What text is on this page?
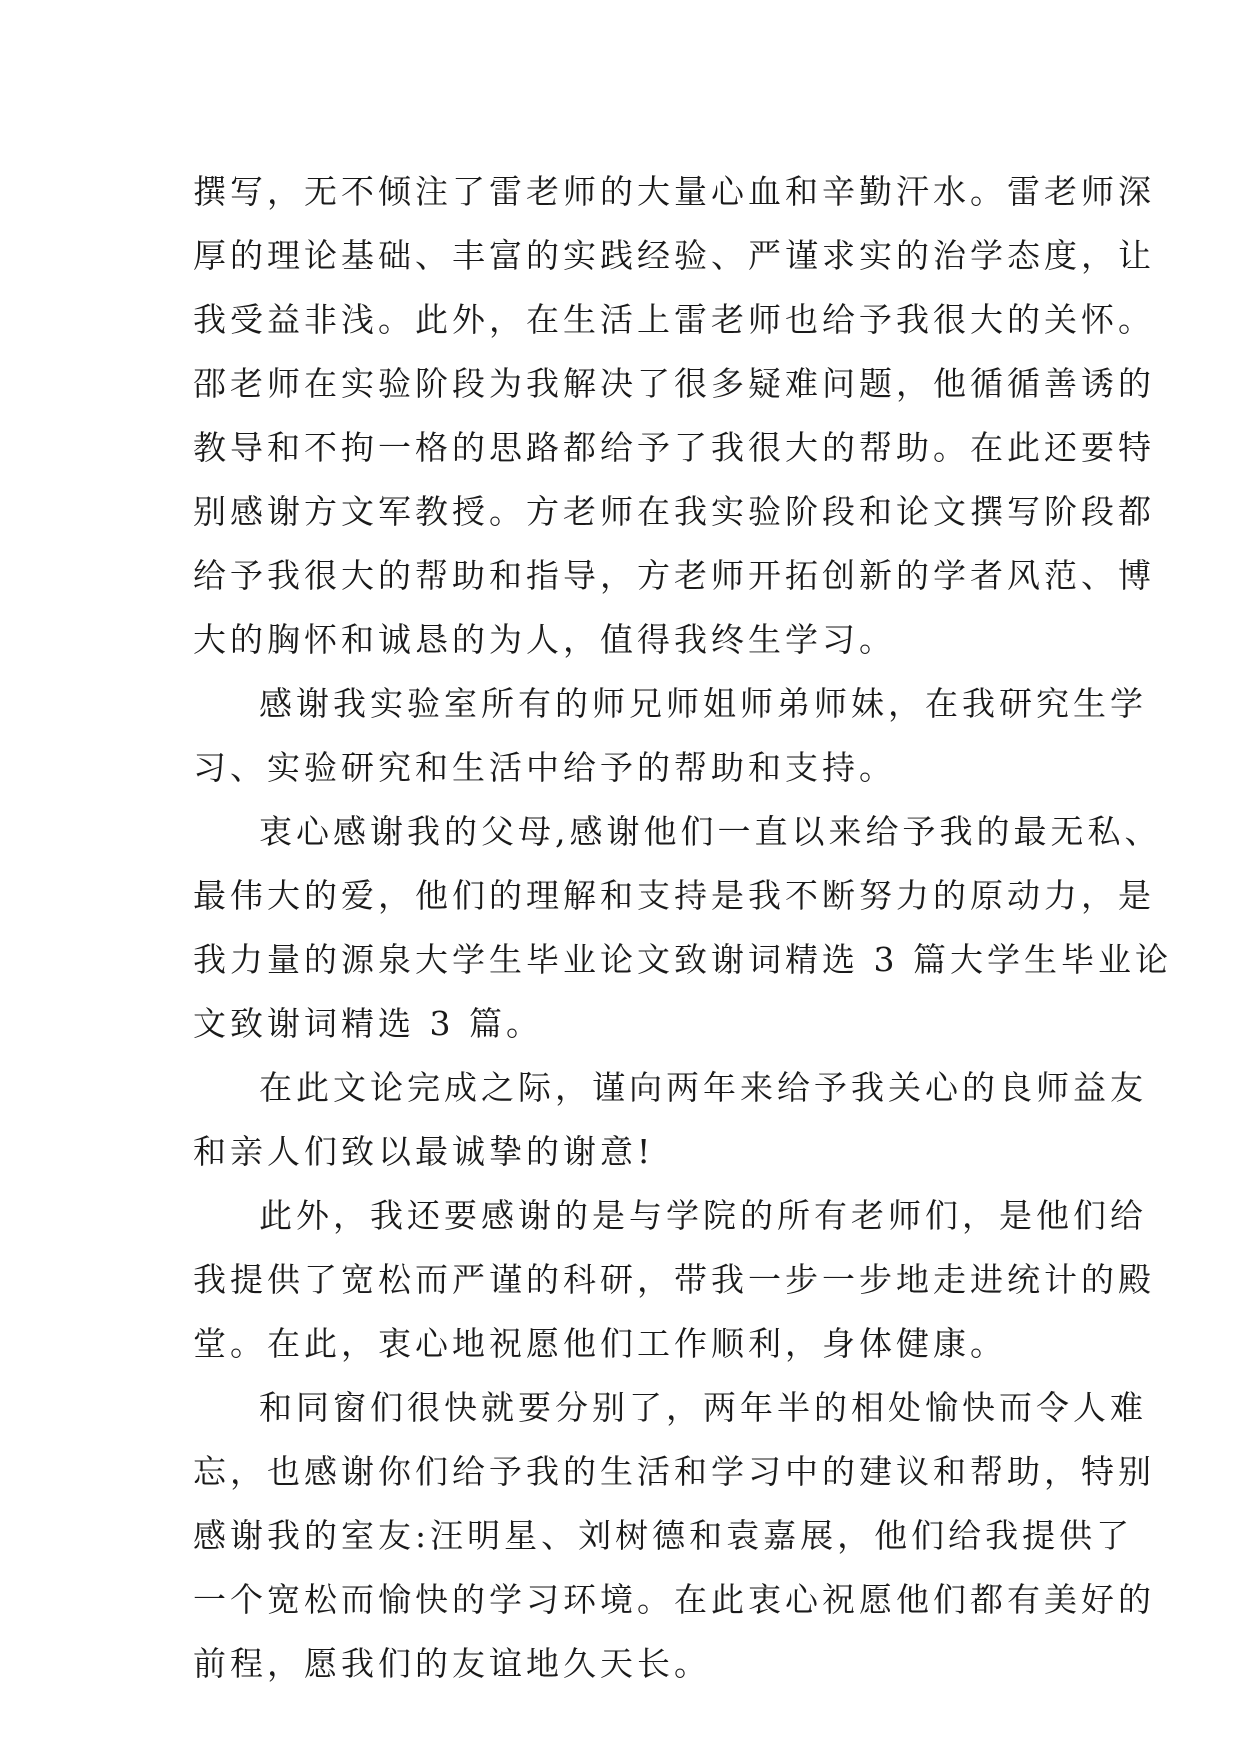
撰写，无不倾注了雷老师的大量心血和辛勤汗水。雷老师深
厚的理论基础、丰富的实践经验、严谨求实的治学态度，让
我受益非浅。此外，在生活上雷老师也给予我很大的关怀。
邵老师在实验阶段为我解决了很多疑难问题，他循循善诱的
教导和不拘一格的思路都给予了我很大的帮助。在此还要特
别感谢方文军教授。方老师在我实验阶段和论文撰写阶段都
给予我很大的帮助和指导，方老师开拓创新的学者风范、博
大的胸怀和诚恳的为人，值得我终生学习。
感谢我实验室所有的师兄师姐师弟师妹，在我研究生学
习、实验研究和生活中给予的帮助和支持。
衷心感谢我的父母,感谢他们一直以来给予我的最无私、
最伟大的爱，他们的理解和支持是我不断努力的原动力，是
我力量的源泉大学生毕业论文致谢词精选 3 篇大学生毕业论
文致谢词精选 3 篇。
在此文论完成之际，谨向两年来给予我关心的良师益友
和亲人们致以最诚挚的谢意!
此外，我还要感谢的是与学院的所有老师们，是他们给
我提供了宽松而严谨的科研，带我一步一步地走进统计的殿
堂。在此，衷心地祝愿他们工作顺利，身体健康。
和同窗们很快就要分别了，两年半的相处愉快而令人难
忘，也感谢你们给予我的生活和学习中的建议和帮助，特别
感谢我的室友:汪明星、刘树德和袁嘉展，他们给我提供了
一个宽松而愉快的学习环境。在此衷心祝愿他们都有美好的
前程，愿我们的友谊地久天长。
